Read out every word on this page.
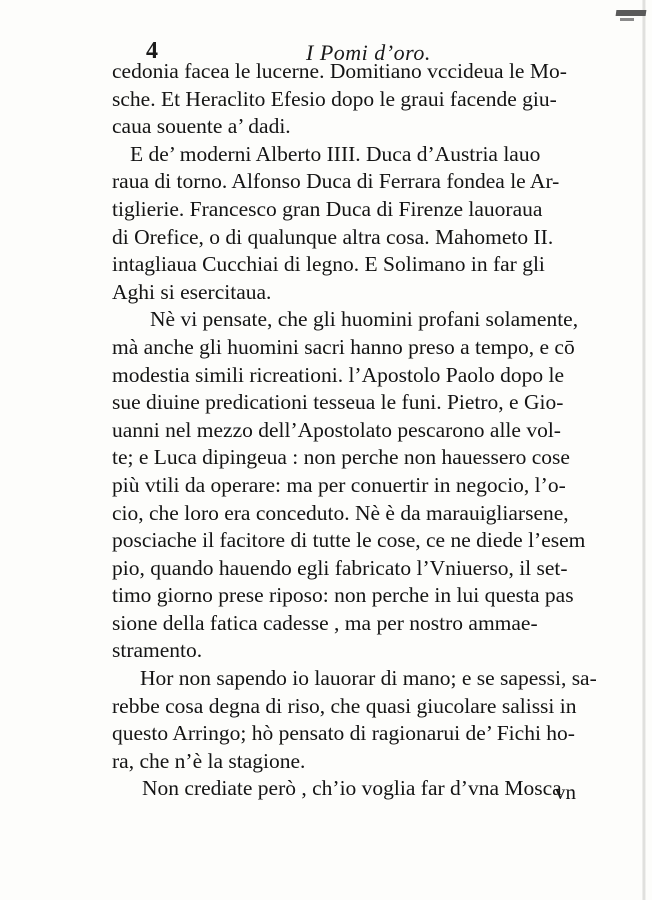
4	I Pomi d’oro.
cedonia facea le lucerne. Domitiano vccideua le Mo-
sche. Et Heraclito Efesio dopo le graui facende giu-
caua souente a’ dadi.
E de’ moderni Alberto IIII. Duca d’Austria lauo
raua di torno. Alfonso Duca di Ferrara fondea le Ar-
tiglierie. Francesco gran Duca di Firenze lauoraua
di Orefice, o di qualunque altra cosa. Mahometo II.
intagliaua Cucchiai di legno. E Solimano in far gli
Aghi si esercitaua.
Nè vi pensate, che gli huomini profani solamente,
mà anche gli huomini sacri hanno preso a tempo, e cō
modestia simili ricreationi. l’Apostolo Paolo dopo le
sue diuine predicationi tesseua le funi. Pietro, e Gio-
uanni nel mezzo dell’Apostolato pescarono alle vol-
te; e Luca dipingeua : non perche non hauessero cose
più vtili da operare: ma per conuertir in negocio, l’o-
cio, che loro era conceduto. Nè è da marauigliarsene,
posciache il facitore di tutte le cose, ce ne diede l’esem
pio, quando hauendo egli fabricato l’Vniuerso, il set-
timo giorno prese riposo: non perche in lui questa pas
sione della fatica cadesse , ma per nostro ammae-
stramento.
Hor non sapendo io lauorar di mano; e se sapessi, sa-
rebbe cosa degna di riso, che quasi giucolare salissi in
questo Arringo; hò pensato di ragionarui de’ Fichi ho-
ra, che n’è la stagione.
Non crediate però , ch’io voglia far d’vna Mosca
vn
